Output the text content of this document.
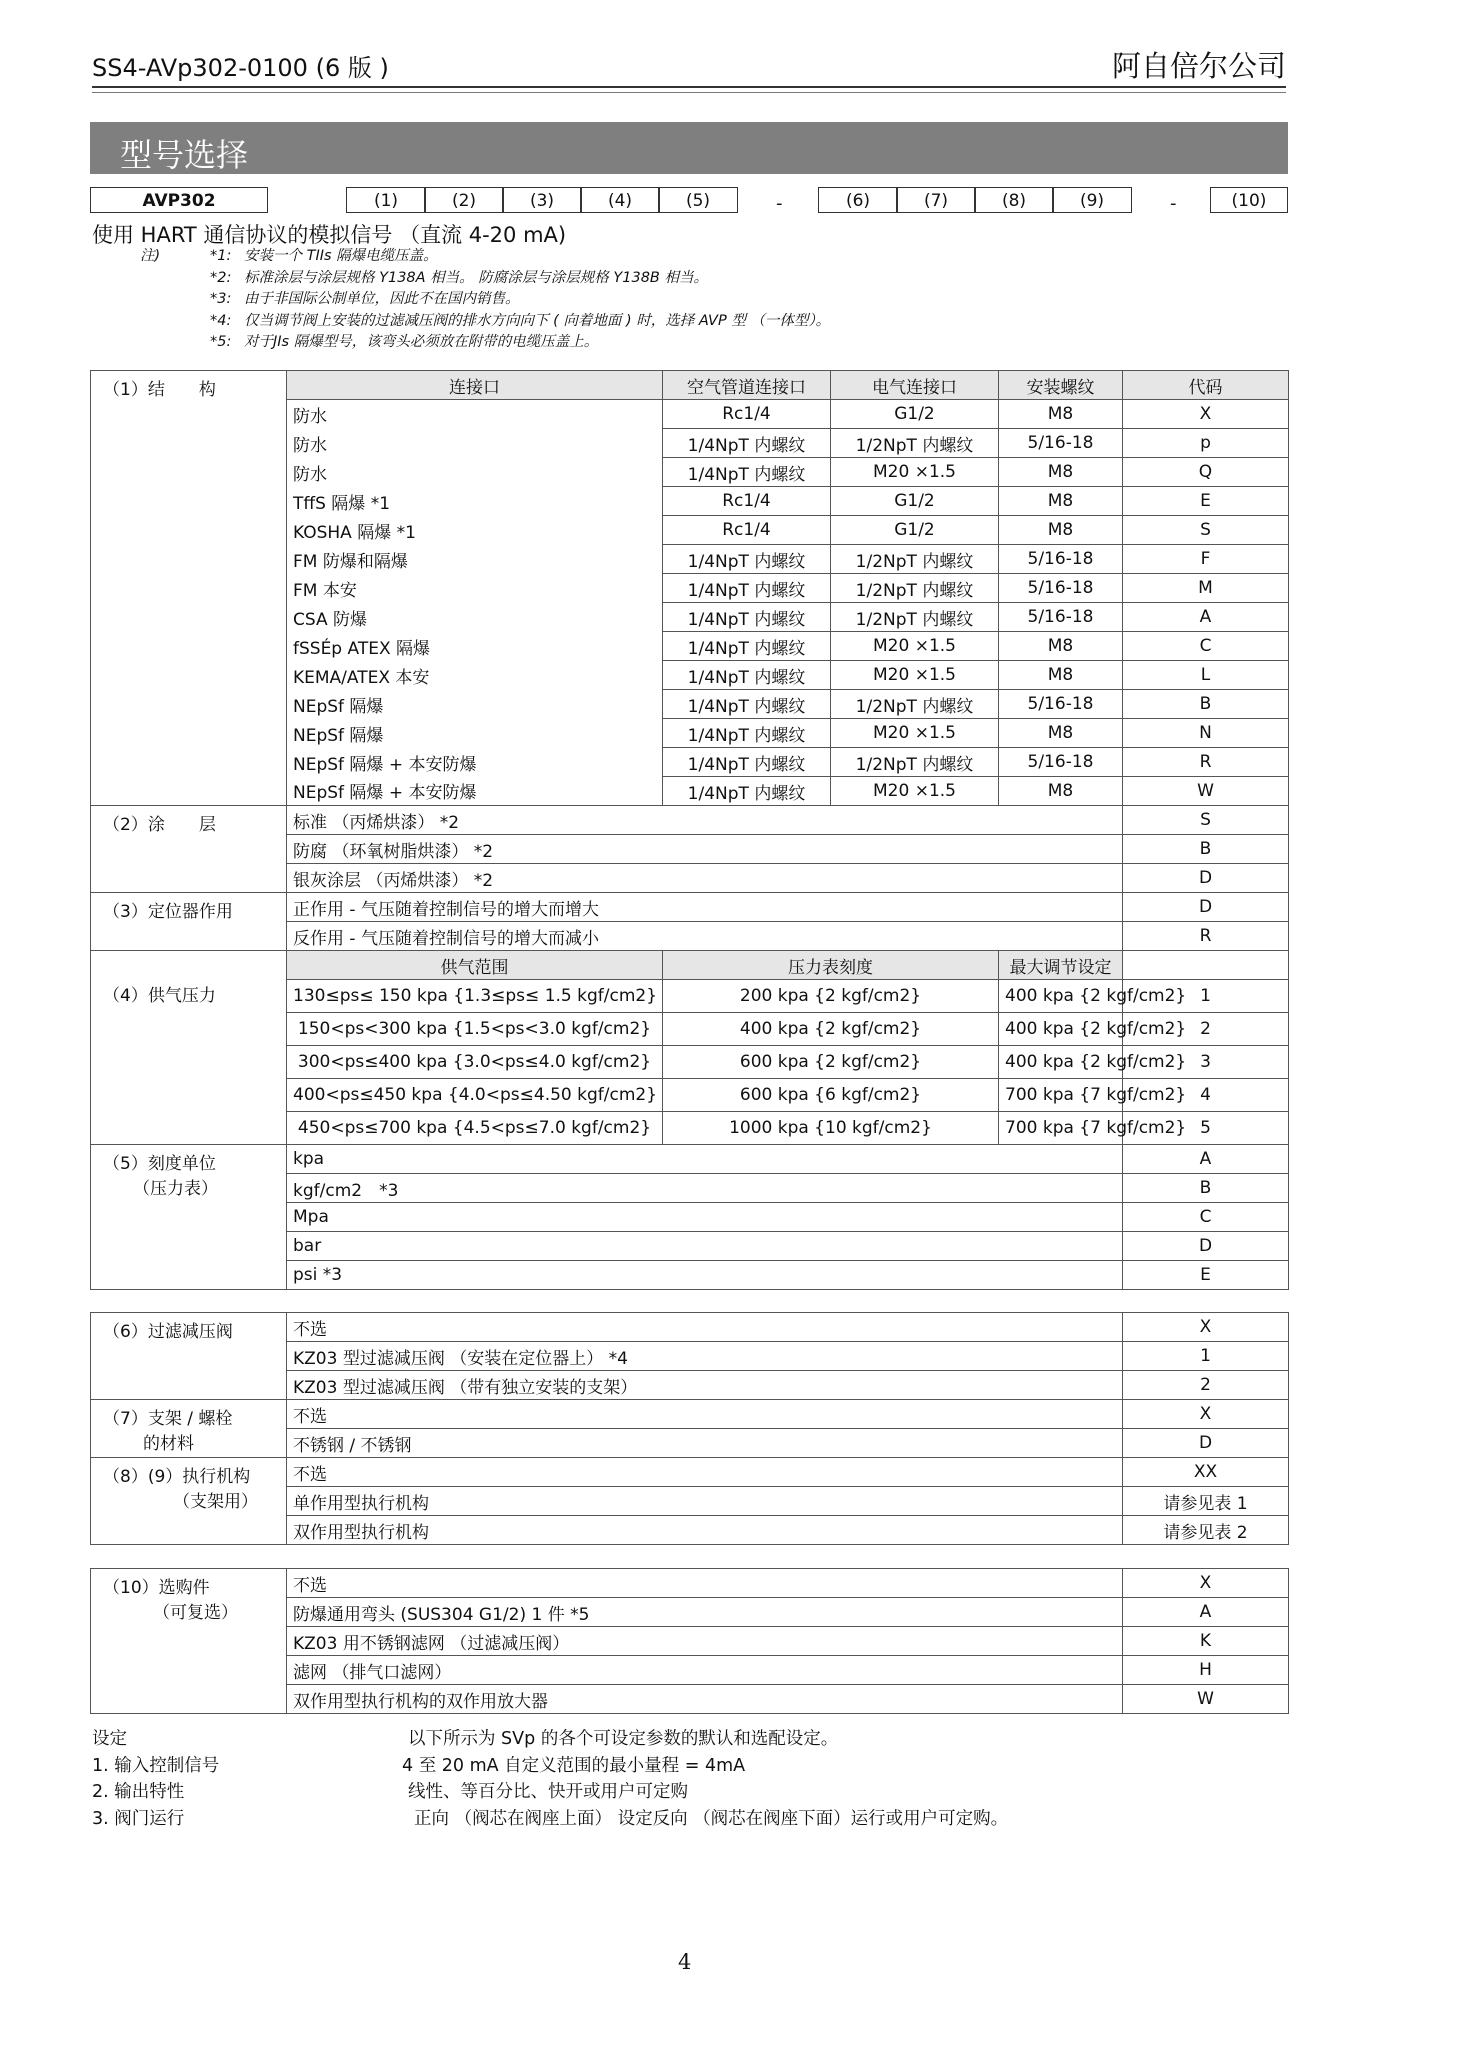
SS4-AVp302-0100 (6 版 )	阿自倍尔公司
型号选择
AVP302	(1)	(2)	(3)	(4)	(5)	-	(6)	(7)	(8)	(9)	-	(10)
使用 HART 通信协议的模拟信号 （直流 4-20 mA)
注)	*1: 安装一个 TIIs 隔爆电缆压盖。
*2: 标准涂层与涂层规格 Y138A 相当。 防腐涂层与涂层规格 Y138B 相当。
*3: 由于非国际公制单位，因此不在国内销售。
*4: 仅当调节阀上安装的过滤减压阀的排水方向向下 ( 向着地面 ) 时，选择 AVP 型 （一体型）。
*5: 对于JIs 隔爆型号，该弯头必须放在附带的电缆压盖上。
（1）结　　构	连接口	空气管道连接口	电气连接口	安装螺纹	代码
	防水	Rc1/4	G1/2	M8	X
	防水	1/4NpT 内螺纹	1/2NpT 内螺纹	5/16-18	p
	防水	1/4NpT 内螺纹	M20 ×1.5	M8	Q
	TffS 隔爆 *1	Rc1/4	G1/2	M8	E
	KOSHA 隔爆 *1	Rc1/4	G1/2	M8	S
	FM 防爆和隔爆	1/4NpT 内螺纹	1/2NpT 内螺纹	5/16-18	F
	FM 本安	1/4NpT 内螺纹	1/2NpT 内螺纹	5/16-18	M
	CSA 防爆	1/4NpT 内螺纹	1/2NpT 内螺纹	5/16-18	A
	fSSÉp ATEX 隔爆	1/4NpT 内螺纹	M20 ×1.5	M8	C
	KEMA/ATEX 本安	1/4NpT 内螺纹	M20 ×1.5	M8	L
	NEpSf 隔爆	1/4NpT 内螺纹	1/2NpT 内螺纹	5/16-18	B
	NEpSf 隔爆	1/4NpT 内螺纹	M20 ×1.5	M8	N
	NEpSf 隔爆 + 本安防爆	1/4NpT 内螺纹	1/2NpT 内螺纹	5/16-18	R
	NEpSf 隔爆 + 本安防爆	1/4NpT 内螺纹	M20 ×1.5	M8	W
（2）涂　　层	标准 （丙烯烘漆） *2				S
	防腐 （环氧树脂烘漆） *2				B
	银灰涂层 （丙烯烘漆） *2				D
（3）定位器作用	正作用 - 气压随着控制信号的增大而增大				D
	反作用 - 气压随着控制信号的增大而减小				R
（4）供气压力	供气范围	压力表刻度		最大调节设定	
	130≤ps≤ 150 kpa {1.3≤ps≤ 1.5 kgf/cm2}	200 kpa {2 kgf/cm2}		400 kpa {2 kgf/cm2}	1
	150<ps<300 kpa {1.5<ps<3.0 kgf/cm2}	400 kpa {2 kgf/cm2}		400 kpa {2 kgf/cm2}	2
	300<ps≤400 kpa {3.0<ps≤4.0 kgf/cm2}	600 kpa {2 kgf/cm2}		400 kpa {2 kgf/cm2}	3
	400<ps≤450 kpa {4.0<ps≤4.50 kgf/cm2}	600 kpa {6 kgf/cm2}		700 kpa {7 kgf/cm2}	4
	450<ps≤700 kpa {4.5<ps≤7.0 kgf/cm2}	1000 kpa {10 kgf/cm2}		700 kpa {7 kgf/cm2}	5
（5）刻度单位
（压力表）	kpa				A
	kgf/cm2　*3				B
	Mpa				C
	bar				D
	psi *3				E
（6）过滤减压阀	不选	X
	KZ03 型过滤减压阀 （安装在定位器上） *4	1
	KZ03 型过滤减压阀 （带有独立安装的支架）	2
（7）支架 / 螺栓
的材料	不选	X
	不锈钢 / 不锈钢	D
（8）(9）执行机构
（支架用）	不选	XX
	单作用型执行机构	请参见表 1
	双作用型执行机构	请参见表 2
（10）选购件
（可复选）	不选	X
	防爆通用弯头 (SUS304 G1/2) 1 件 *5	A
	KZ03 用不锈钢滤网 （过滤减压阀）	K
	滤网 （排气口滤网）	H
	双作用型执行机构的双作用放大器	W
设定	以下所示为 SVp 的各个可设定参数的默认和选配设定。
1. 输入控制信号	4 至 20 mA 自定义范围的最小量程 = 4mA
2. 输出特性	线性、等百分比、快开或用户可定购
3. 阀门运行	正向 （阀芯在阀座上面） 设定反向 （阀芯在阀座下面）运行或用户可定购。
4
